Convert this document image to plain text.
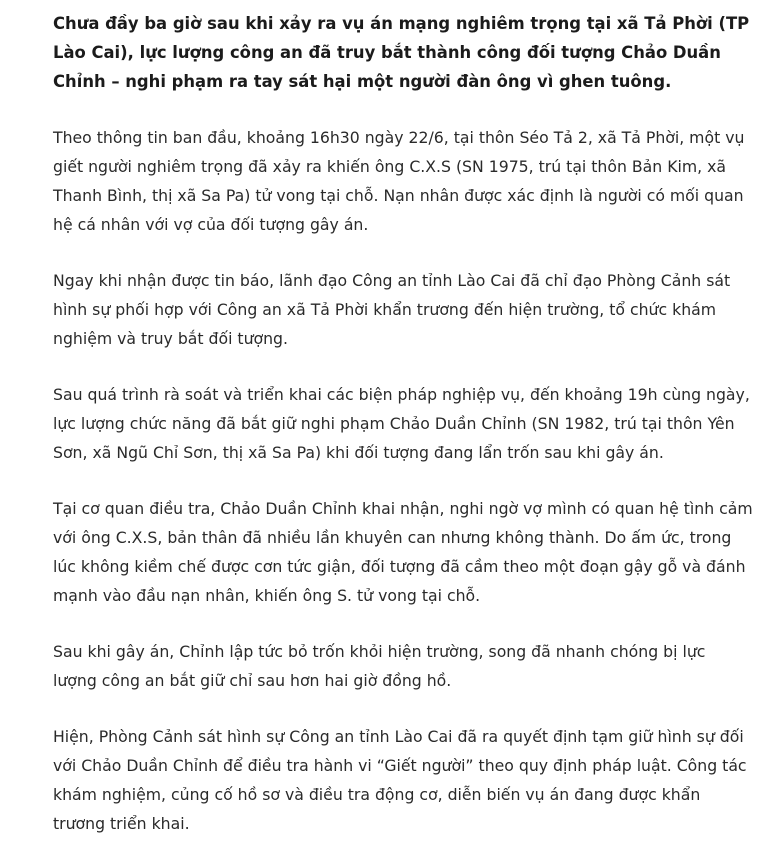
Chưa đầy ba giờ sau khi xảy ra vụ án mạng nghiêm trọng tại xã Tả Phời (TP Lào Cai), lực lượng công an đã truy bắt thành công đối tượng Chảo Duần Chỉnh – nghi phạm ra tay sát hại một người đàn ông vì ghen tuông.

Theo thông tin ban đầu, khoảng 16h30 ngày 22/6, tại thôn Séo Tả 2, xã Tả Phời, một vụ giết người nghiêm trọng đã xảy ra khiến ông C.X.S (SN 1975, trú tại thôn Bản Kim, xã Thanh Bình, thị xã Sa Pa) tử vong tại chỗ. Nạn nhân được xác định là người có mối quan hệ cá nhân với vợ của đối tượng gây án.

Ngay khi nhận được tin báo, lãnh đạo Công an tỉnh Lào Cai đã chỉ đạo Phòng Cảnh sát hình sự phối hợp với Công an xã Tả Phời khẩn trương đến hiện trường, tổ chức khám nghiệm và truy bắt đối tượng.

Sau quá trình rà soát và triển khai các biện pháp nghiệp vụ, đến khoảng 19h cùng ngày, lực lượng chức năng đã bắt giữ nghi phạm Chảo Duần Chỉnh (SN 1982, trú tại thôn Yên Sơn, xã Ngũ Chỉ Sơn, thị xã Sa Pa) khi đối tượng đang lẩn trốn sau khi gây án.

Tại cơ quan điều tra, Chảo Duần Chỉnh khai nhận, nghi ngờ vợ mình có quan hệ tình cảm với ông C.X.S, bản thân đã nhiều lần khuyên can nhưng không thành. Do ấm ức, trong lúc không kiềm chế được cơn tức giận, đối tượng đã cầm theo một đoạn gậy gỗ và đánh mạnh vào đầu nạn nhân, khiến ông S. tử vong tại chỗ.

Sau khi gây án, Chỉnh lập tức bỏ trốn khỏi hiện trường, song đã nhanh chóng bị lực lượng công an bắt giữ chỉ sau hơn hai giờ đồng hồ.

Hiện, Phòng Cảnh sát hình sự Công an tỉnh Lào Cai đã ra quyết định tạm giữ hình sự đối với Chảo Duần Chỉnh để điều tra hành vi “Giết người” theo quy định pháp luật. Công tác khám nghiệm, củng cố hồ sơ và điều tra động cơ, diễn biến vụ án đang được khẩn trương triển khai.
